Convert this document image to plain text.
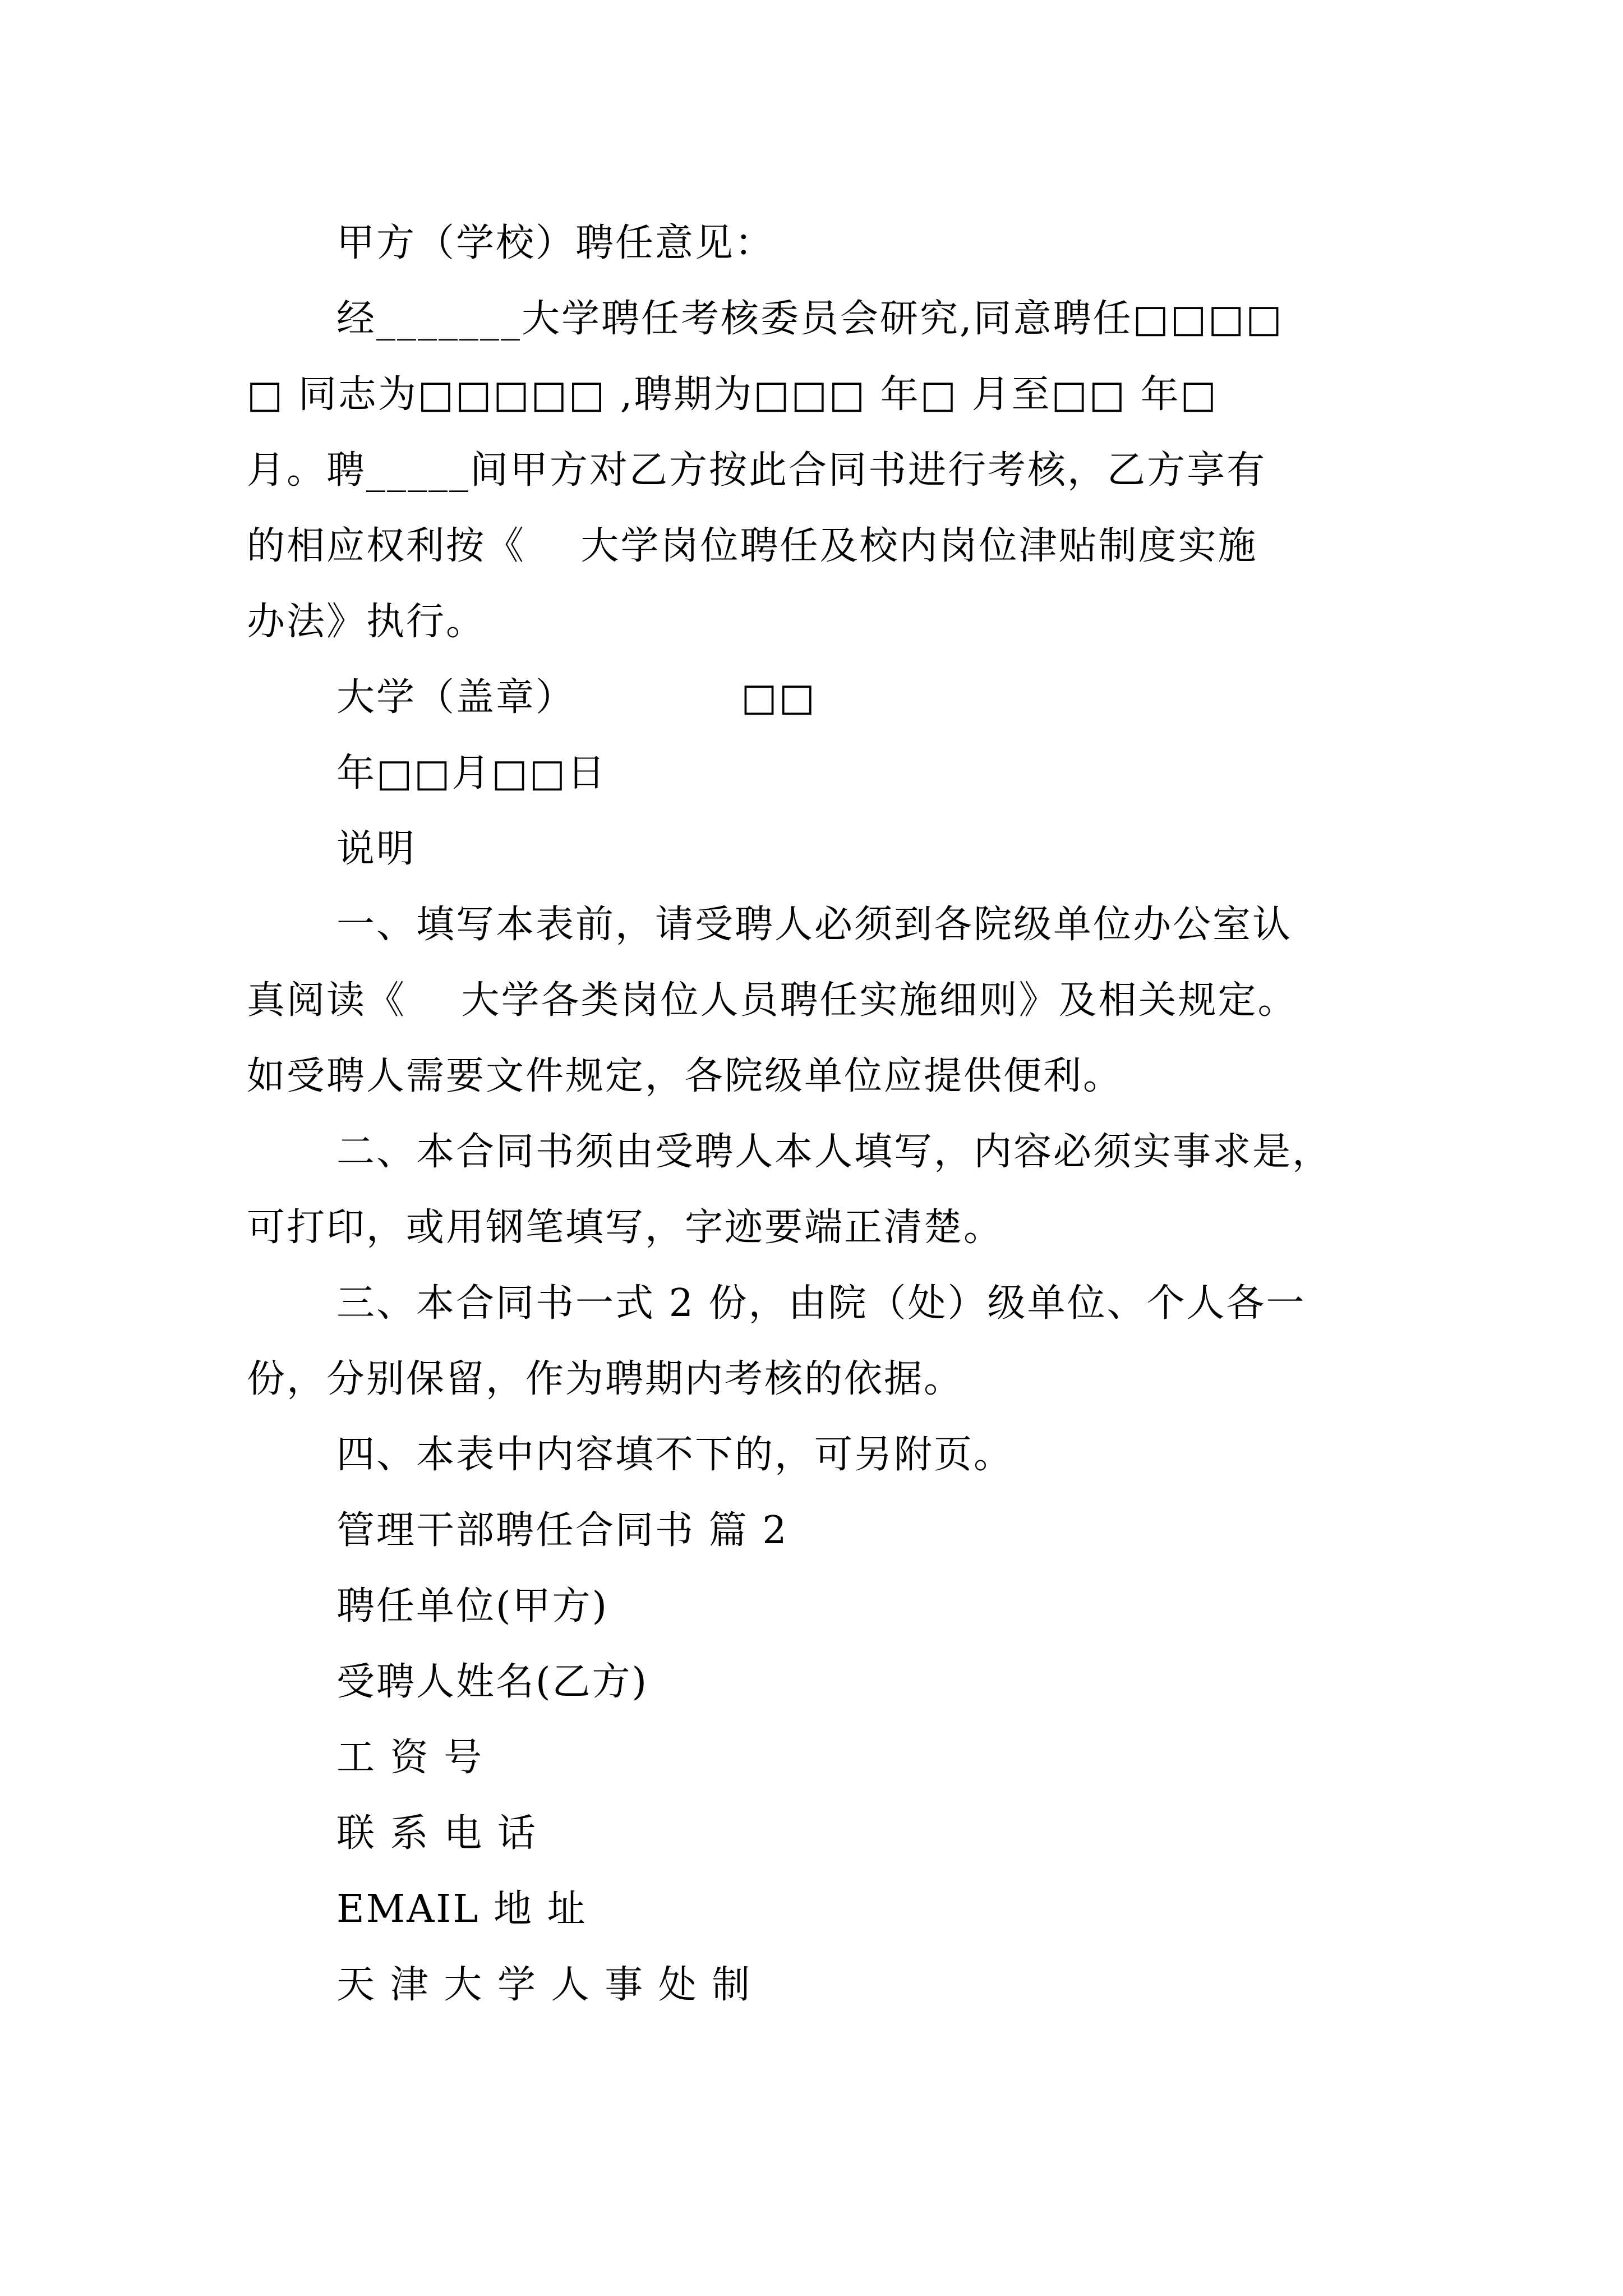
甲方（学校）聘任意见：
经_______大学聘任考核委员会研究,同意聘任□□□□
□ 同志为□□□□□ ,聘期为□□□ 年□ 月至□□ 年□
月。聘_____间甲方对乙方按此合同书进行考核，乙方享有
的相应权利按《    大学岗位聘任及校内岗位津贴制度实施
办法》执行。
大学（盖章）            □□
年□□月□□日
说明
一、填写本表前，请受聘人必须到各院级单位办公室认
真阅读《    大学各类岗位人员聘任实施细则》及相关规定。
如受聘人需要文件规定，各院级单位应提供便利。
二、本合同书须由受聘人本人填写，内容必须实事求是，
可打印，或用钢笔填写，字迹要端正清楚。
三、本合同书一式 2 份，由院（处）级单位、个人各一
份，分别保留，作为聘期内考核的依据。
四、本表中内容填不下的，可另附页。
管理干部聘任合同书 篇 2
聘任单位(甲方)
受聘人姓名(乙方)
工 资 号
联 系 电 话
EMAIL 地 址
天 津 大 学 人 事 处 制
